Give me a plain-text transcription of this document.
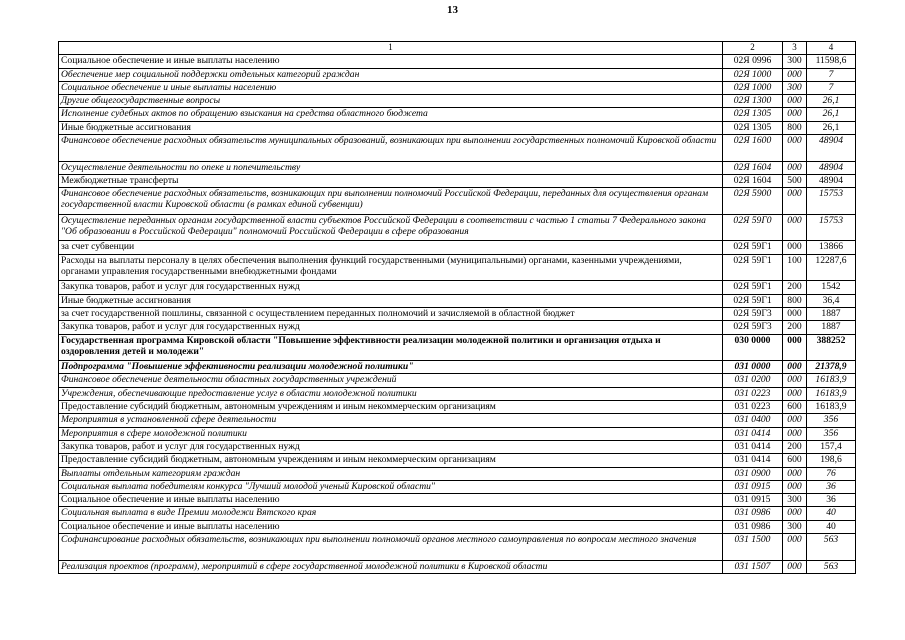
13
1	2	3	4
Социальное обеспечение и иные выплаты населению	02Я 0996	300	11598,6
Обеспечение мер социальной поддержки отдельных категорий граждан	02Я 1000	000	7
Социальное обеспечение и иные выплаты населению	02Я 1000	300	7
Другие общегосударственные вопросы	02Я 1300	000	26,1
Исполнение судебных актов по обращению взыскания на средства областного бюджета	02Я 1305	000	26,1
Иные бюджетные ассигнования	02Я 1305	800	26,1
Финансовое обеспечение расходных обязательств муниципальных образований, возникающих при выполнении государственных полномочий Кировской области	02Я 1600	000	48904
Осуществление деятельности по опеке и попечительству	02Я 1604	000	48904
Межбюджетные трансферты	02Я 1604	500	48904
Финансовое обеспечение расходных обязательств, возникающих при выполнении полномочий Российской Федерации, переданных для осуществления органам государственной власти Кировской области (в рамках единой субвенции)	02Я 5900	000	15753
Осуществление переданных органам государственной власти субъектов Российской Федерации в соответствии с частью 1 статьи 7 Федерального закона "Об образовании в Российской Федерации" полномочий Российской Федерации в сфере образования	02Я 59Г0	000	15753
за счет субвенции	02Я 59Г1	000	13866
Расходы на выплаты персоналу в целях обеспечения выполнения функций государственными (муниципальными) органами, казенными учреждениями, органами управления государственными внебюджетными фондами	02Я 59Г1	100	12287,6
Закупка товаров, работ и услуг для государственных нужд	02Я 59Г1	200	1542
Иные бюджетные ассигнования	02Я 59Г1	800	36,4
за счет государственной пошлины, связанной с осуществлением переданных полномочий и зачисляемой в областной бюджет	02Я 59Г3	000	1887
Закупка товаров, работ и услуг для государственных нужд	02Я 59Г3	200	1887
Государственная программа Кировской области "Повышение эффективности реализации молодежной политики и организация отдыха и оздоровления детей и молодежи"	030 0000	000	388252
Подпрограмма "Повышение эффективности реализации молодежной политики"	031 0000	000	21378,9
Финансовое обеспечение деятельности областных государственных учреждений	031 0200	000	16183,9
Учреждения, обеспечивающие предоставление услуг в области молодежной политики	031 0223	000	16183,9
Предоставление субсидий бюджетным, автономным учреждениям и иным некоммерческим организациям	031 0223	600	16183,9
Мероприятия в установленной сфере деятельности	031 0400	000	356
Мероприятия в сфере молодежной политики	031 0414	000	356
Закупка товаров, работ и услуг для государственных нужд	031 0414	200	157,4
Предоставление субсидий бюджетным, автономным учреждениям и иным некоммерческим организациям	031 0414	600	198,6
Выплаты отдельным категориям граждан	031 0900	000	76
Социальная выплата победителям конкурса "Лучший молодой ученый Кировской области"	031 0915	000	36
Социальное обеспечение и иные выплаты населению	031 0915	300	36
Социальная выплата в виде Премии молодежи Вятского края	031 0986	000	40
Социальное обеспечение и иные выплаты населению	031 0986	300	40
Софинансирование расходных обязательств, возникающих при выполнении полномочий органов местного самоуправления по вопросам местного значения	031 1500	000	563
Реализация проектов (программ), мероприятий в сфере государственной молодежной политики в Кировской области	031 1507	000	563
